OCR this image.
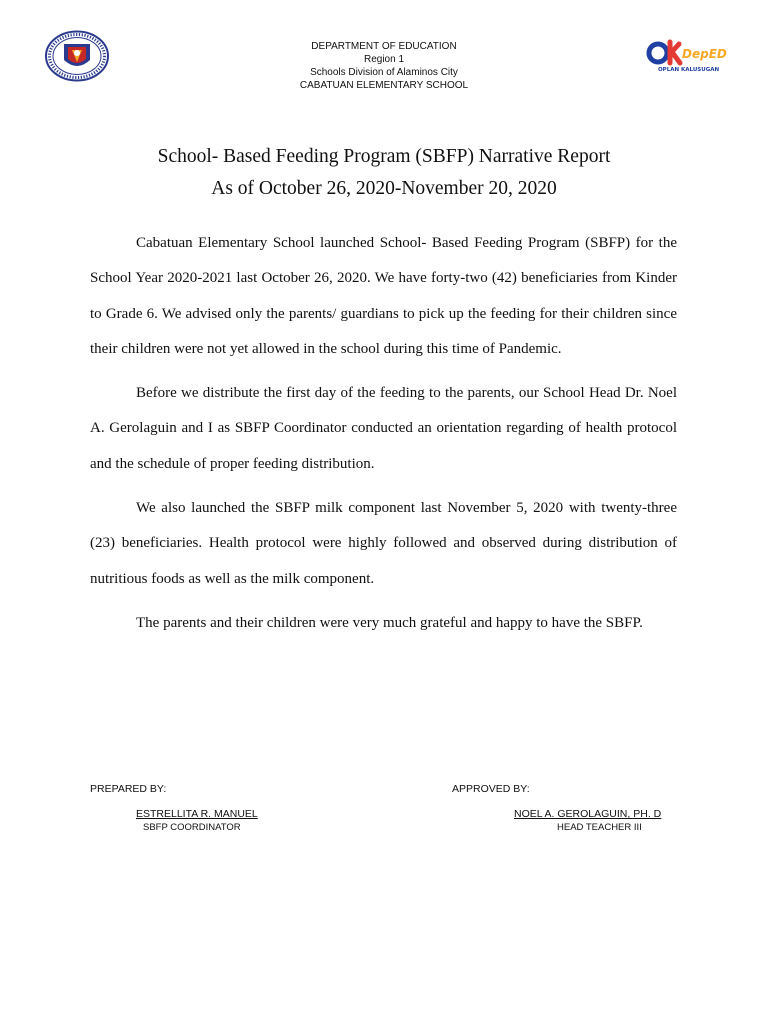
DEPARTMENT OF EDUCATION
Region 1
Schools Division of Alaminos City
CABATUAN ELEMENTARY SCHOOL
DepED
OPLAN KALUSUGAN
School- Based Feeding Program (SBFP) Narrative Report
As of October 26, 2020-November 20, 2020

Cabatuan Elementary School launched School- Based Feeding Program (SBFP) for the School Year 2020-2021 last October 26, 2020. We have forty-two (42) beneficiaries from Kinder to Grade 6. We advised only the parents/ guardians to pick up the feeding for their children since their children were not yet allowed in the school during this time of Pandemic.

Before we distribute the first day of the feeding to the parents, our School Head Dr. Noel A. Gerolaguin and I as SBFP Coordinator conducted an orientation regarding of health protocol and the schedule of proper feeding distribution.

We also launched the SBFP milk component last November 5, 2020 with twenty-three (23) beneficiaries. Health protocol were highly followed and observed during distribution of nutritious foods as well as the milk component.

The parents and their children were very much grateful and happy to have the SBFP.

PREPARED BY:	APPROVED BY:
ESTRELLITA R. MANUEL
SBFP COORDINATOR
NOEL A. GEROLAGUIN, PH. D
HEAD TEACHER III
